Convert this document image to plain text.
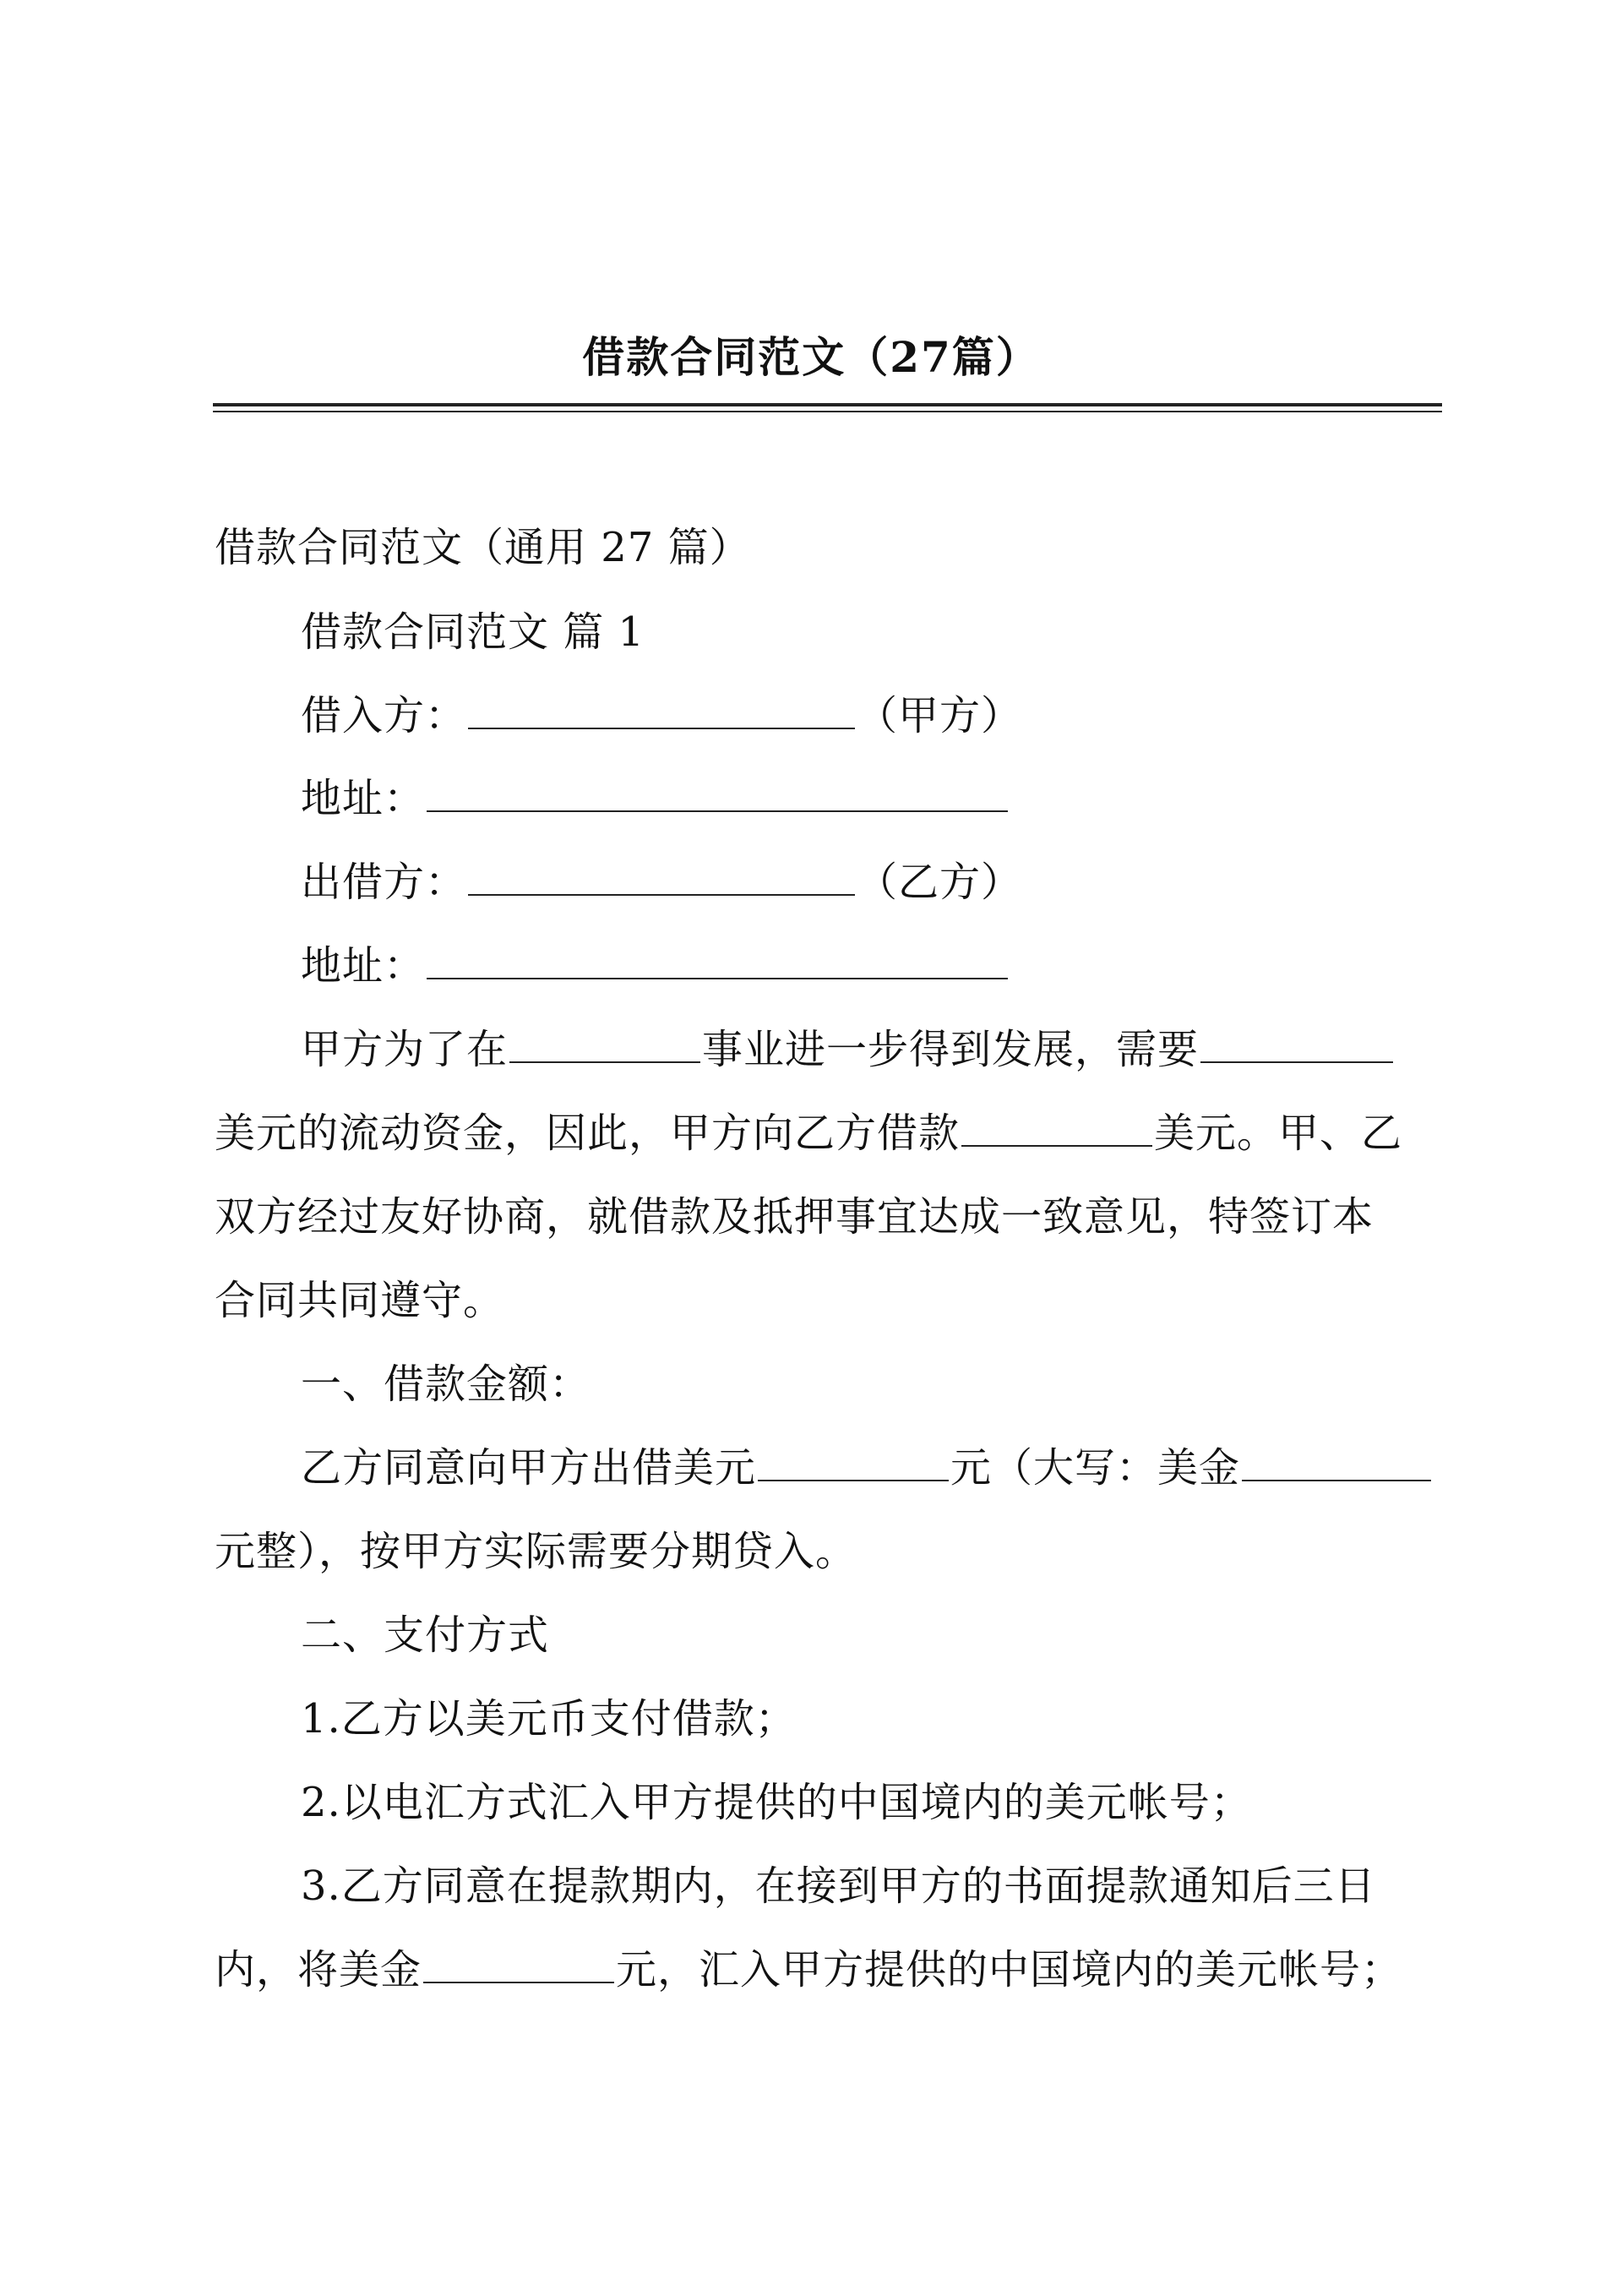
借款合同范文（27篇）
借款合同范文（通用 27 篇）
借款合同范文 篇 1
借入方：	（甲方）
地址：
出借方：	（乙方）
地址：
甲方为了在	事业进一步得到发展，需要
美元的流动资金，因此，甲方向乙方借款	美元。甲、乙
双方经过友好协商，就借款及抵押事宜达成一致意见，特签订本
合同共同遵守。
一、借款金额：
乙方同意向甲方出借美元	元（大写：美金
元整），按甲方实际需要分期贷入。
二、支付方式
1.乙方以美元币支付借款；
2.以电汇方式汇入甲方提供的中国境内的美元帐号；
3.乙方同意在提款期内，在接到甲方的书面提款通知后三日
内，将美金	元，汇入甲方提供的中国境内的美元帐号；
